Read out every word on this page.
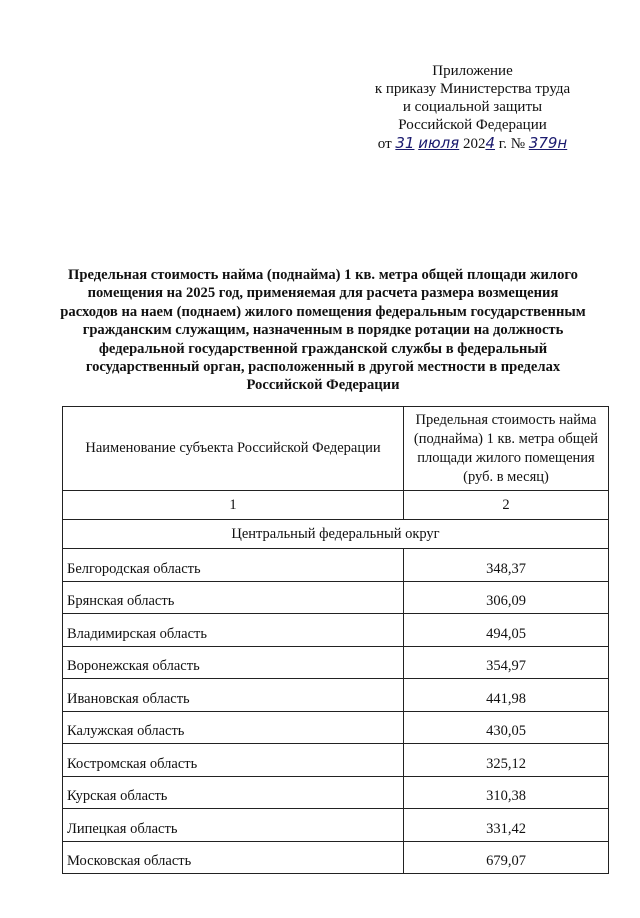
Приложение
к приказу Министерства труда
и социальной защиты
Российской Федерации
от 31 июля 2024 г. № 379н
Предельная стоимость найма (поднайма) 1 кв. метра общей площади жилого помещения на 2025 год, применяемая для расчета размера возмещения расходов на наем (поднаем) жилого помещения федеральным государственным гражданским служащим, назначенным в порядке ротации на должность федеральной государственной гражданской службы в федеральный государственный орган, расположенный в другой местности в пределах Российской Федерации
Наименование субъекта Российской Федерации	Предельная стоимость найма (поднайма) 1 кв. метра общей площади жилого помещения (руб. в месяц)
1	2
Центральный федеральный округ	
Белгородская область	348,37
Брянская область	306,09
Владимирская область	494,05
Воронежская область	354,97
Ивановская область	441,98
Калужская область	430,05
Костромская область	325,12
Курская область	310,38
Липецкая область	331,42
Московская область	679,07
